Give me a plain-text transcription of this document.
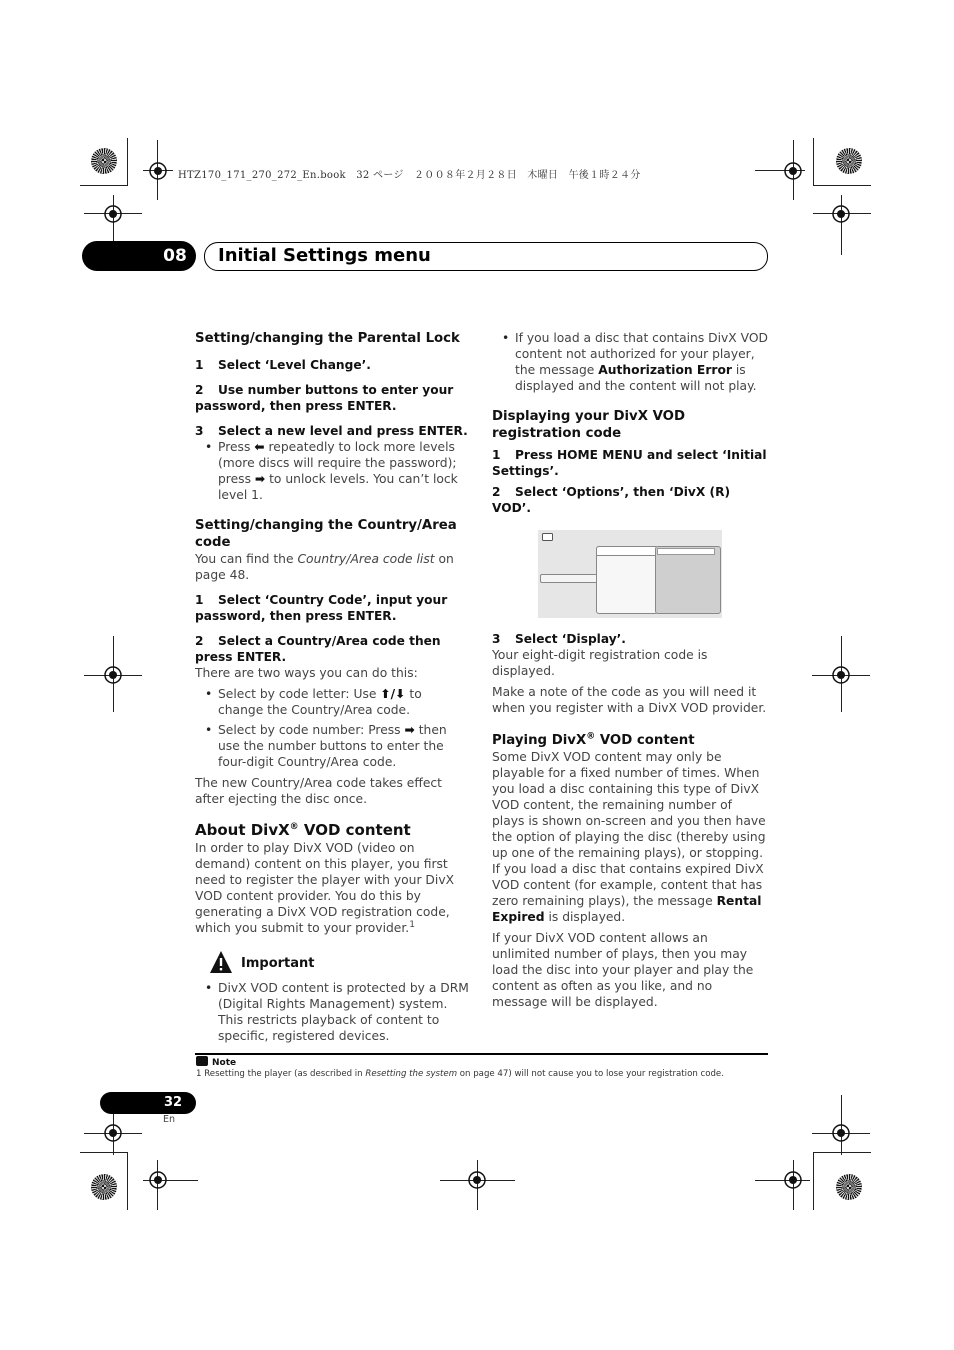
HTZ170_171_270_272_En.book　32 ページ　２００８年２月２８日　木曜日　午後１時２４分
08 Initial Settings menu

Setting/changing the Parental Lock

1 Select ‘Level Change’.

2 Use number buttons to enter your password, then press ENTER.

3 Select a new level and press ENTER.

• Press ⬅ repeatedly to lock more levels (more discs will require the password); press ➡ to unlock levels. You can’t lock level 1.

Setting/changing the Country/Area code

You can find the Country/Area code list on page 48.

1 Select ‘Country Code’, input your password, then press ENTER.

2 Select a Country/Area code then press ENTER.

There are two ways you can do this:

• Select by code letter: Use ⬆/⬇ to change the Country/Area code.

• Select by code number: Press ➡ then use the number buttons to enter the four-digit Country/Area code.

The new Country/Area code takes effect after ejecting the disc once.

About DivX® VOD content

In order to play DivX VOD (video on demand) content on this player, you first need to register the player with your DivX VOD content provider. You do this by generating a DivX VOD registration code, which you submit to your provider.$^1$

Important

• DivX VOD content is protected by a DRM (Digital Rights Management) system. This restricts playback of content to specific, registered devices.

• If you load a disc that contains DivX VOD content not authorized for your player, the message Authorization Error is displayed and the content will not play.

Displaying your DivX VOD registration code

1 Press HOME MENU and select ‘Initial Settings’.

2 Select ‘Options’, then ‘DivX (R) VOD’.

3 Select ‘Display’.

Your eight-digit registration code is displayed.

Make a note of the code as you will need it when you register with a DivX VOD provider.

Playing DivX® VOD content

Some DivX VOD content may only be playable for a fixed number of times. When you load a disc containing this type of DivX VOD content, the remaining number of plays is shown on-screen and you then have the option of playing the disc (thereby using up one of the remaining plays), or stopping. If you load a disc that contains expired DivX VOD content (for example, content that has zero remaining plays), the message Rental Expired is displayed.

If your DivX VOD content allows an unlimited number of plays, then you may load the disc into your player and play the content as often as you like, and no message will be displayed.

Note
1 Resetting the player (as described in Resetting the system on page 47) will not cause you to lose your registration code.
32
En
